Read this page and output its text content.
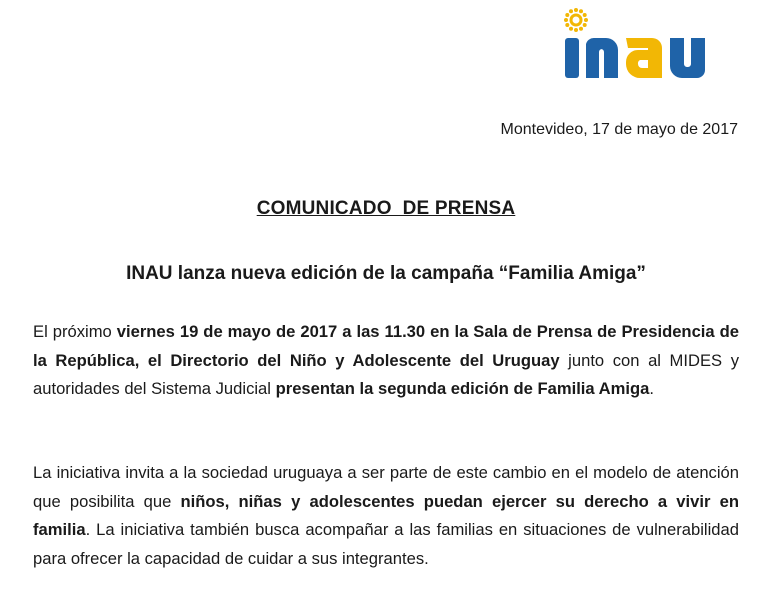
Montevideo, 17 de mayo de 2017
COMUNICADO  DE PRENSA
INAU lanza nueva edición de la campaña “Familia Amiga”
El próximo viernes 19 de mayo de 2017 a las 11.30 en la Sala de Prensa de Presidencia de la República, el Directorio del Niño y Adolescente del Uruguay junto con al MIDES y autoridades del Sistema Judicial presentan la segunda edición de Familia Amiga.
La iniciativa invita a la sociedad uruguaya a ser parte de este cambio en el modelo de atención que posibilita que niños, niñas y adolescentes puedan ejercer su derecho a vivir en familia. La iniciativa también busca acompañar a las familias en situaciones de vulnerabilidad para ofrecer la capacidad de cuidar a sus integrantes.
